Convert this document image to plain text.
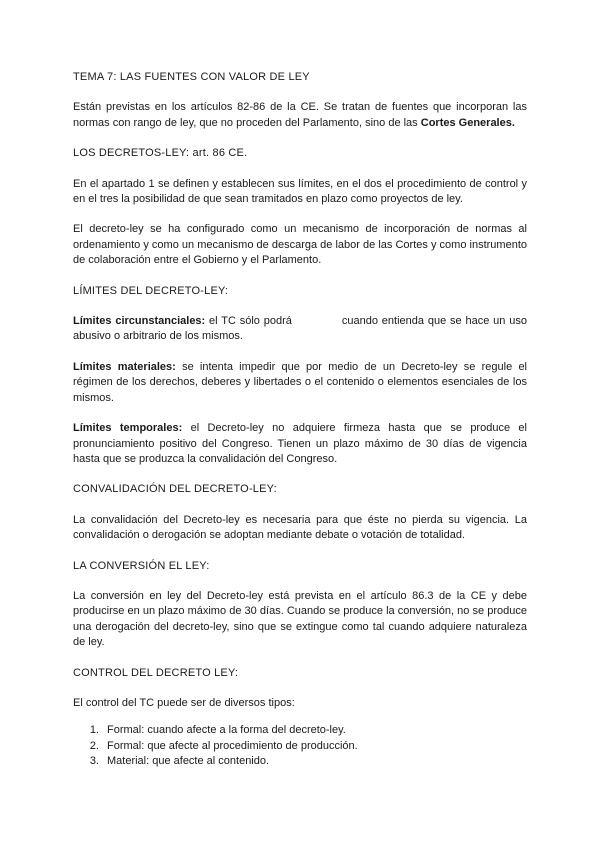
TEMA 7: LAS FUENTES CON VALOR DE LEY

Están previstas en los artículos 82-86 de la CE. Se tratan de fuentes que incorporan las normas con rango de ley, que no proceden del Parlamento, sino de las Cortes Generales.

LOS DECRETOS-LEY: art. 86 CE.

En el apartado 1 se definen y establecen sus límites, en el dos el procedimiento de control y en el tres la posibilidad de que sean tramitados en plazo como proyectos de ley.

El decreto-ley se ha configurado como un mecanismo de incorporación de normas al ordenamiento y como un mecanismo de descarga de labor de las Cortes y como instrumento de colaboración entre el Gobierno y el Parlamento.

LÍMITES DEL DECRETO-LEY:

Límites circunstanciales: el TC sólo podrá	cuando entienda que se hace un uso abusivo o arbitrario de los mismos.

Límites materiales: se intenta impedir que por medio de un Decreto-ley se regule el régimen de los derechos, deberes y libertades o el contenido o elementos esenciales de los mismos.

Límites temporales: el Decreto-ley no adquiere firmeza hasta que se produce el pronunciamiento positivo del Congreso. Tienen un plazo máximo de 30 días de vigencia hasta que se produzca la convalidación del Congreso.

CONVALIDACIÓN DEL DECRETO-LEY:

La convalidación del Decreto-ley es necesaria para que éste no pierda su vigencia. La convalidación o derogación se adoptan mediante debate o votación de totalidad.

LA CONVERSIÓN EL LEY:

La conversión en ley del Decreto-ley está prevista en el artículo 86.3 de la CE y debe producirse en un plazo máximo de 30 días. Cuando se produce la conversión, no se produce una derogación del decreto-ley, sino que se extingue como tal cuando adquiere naturaleza de ley.

CONTROL DEL DECRETO LEY:

El control del TC puede ser de diversos tipos:

1. Formal: cuando afecte a la forma del decreto-ley.
2. Formal: que afecte al procedimiento de producción.
3. Material: que afecte al contenido.
